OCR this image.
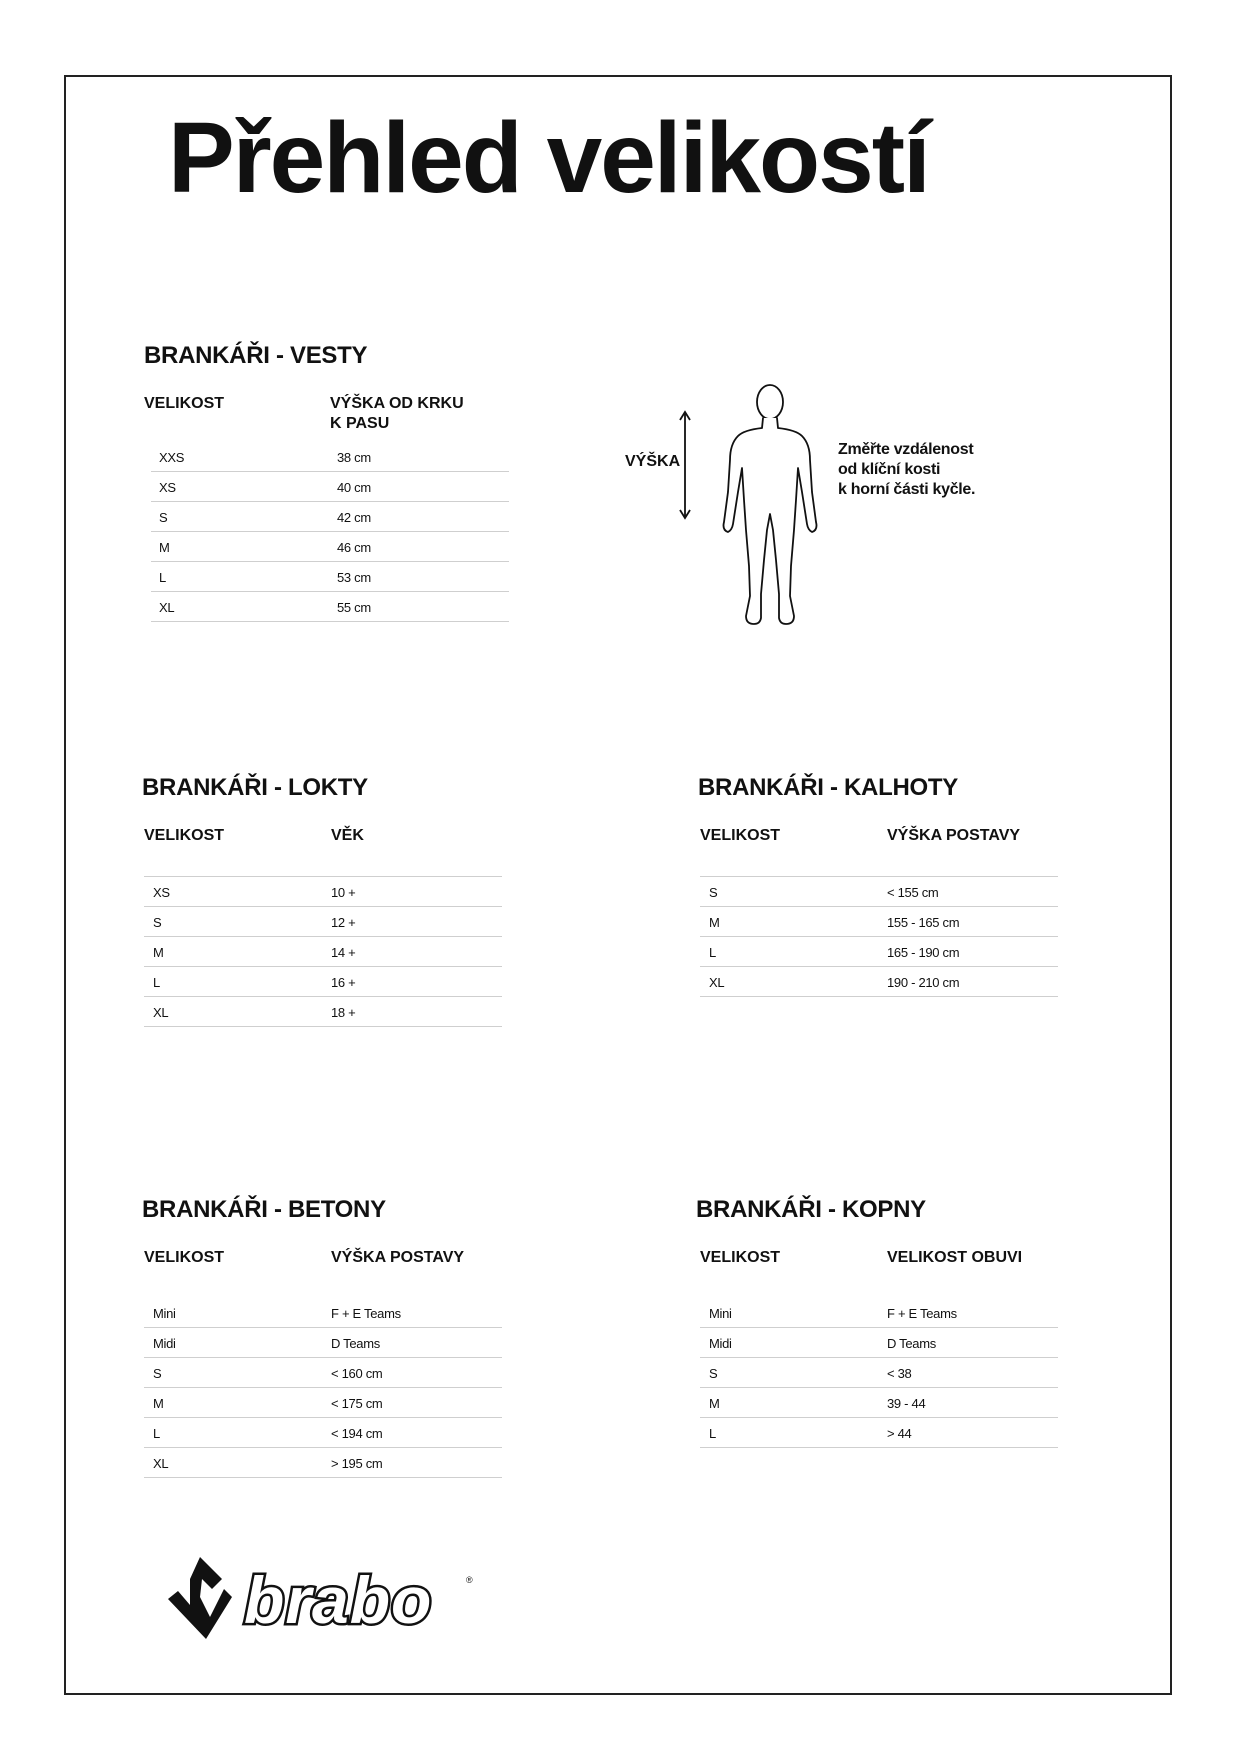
Přehled velikostí
BRANKÁŘI - VESTY
VELIKOST	VÝŠKA OD KRKU
K PASU
XXS	38 cm
XS	40 cm
S	42 cm
M	46 cm
L	53 cm
XL	55 cm
VÝŠKA

Změřte vzdálenost
od klíční kosti
k horní části kyčle.

BRANKÁŘI - LOKTY
VELIKOST	VĚK
XS	10 +
S	12 +
M	14 +
L	16 +
XL	18 +
BRANKÁŘI - KALHOTY
VELIKOST	VÝŠKA POSTAVY
S	< 155 cm
M	155 - 165 cm
L	165 - 190 cm
XL	190 - 210 cm
BRANKÁŘI - BETONY
VELIKOST	VÝŠKA POSTAVY
Mini	F + E Teams
Midi	D Teams
S	< 160 cm
M	< 175 cm
L	< 194 cm
XL	> 195 cm
BRANKÁŘI - KOPNY
VELIKOST	VELIKOST OBUVI
Mini	F + E Teams
Midi	D Teams
S	< 38
M	39 - 44
L	> 44
brabo	®
